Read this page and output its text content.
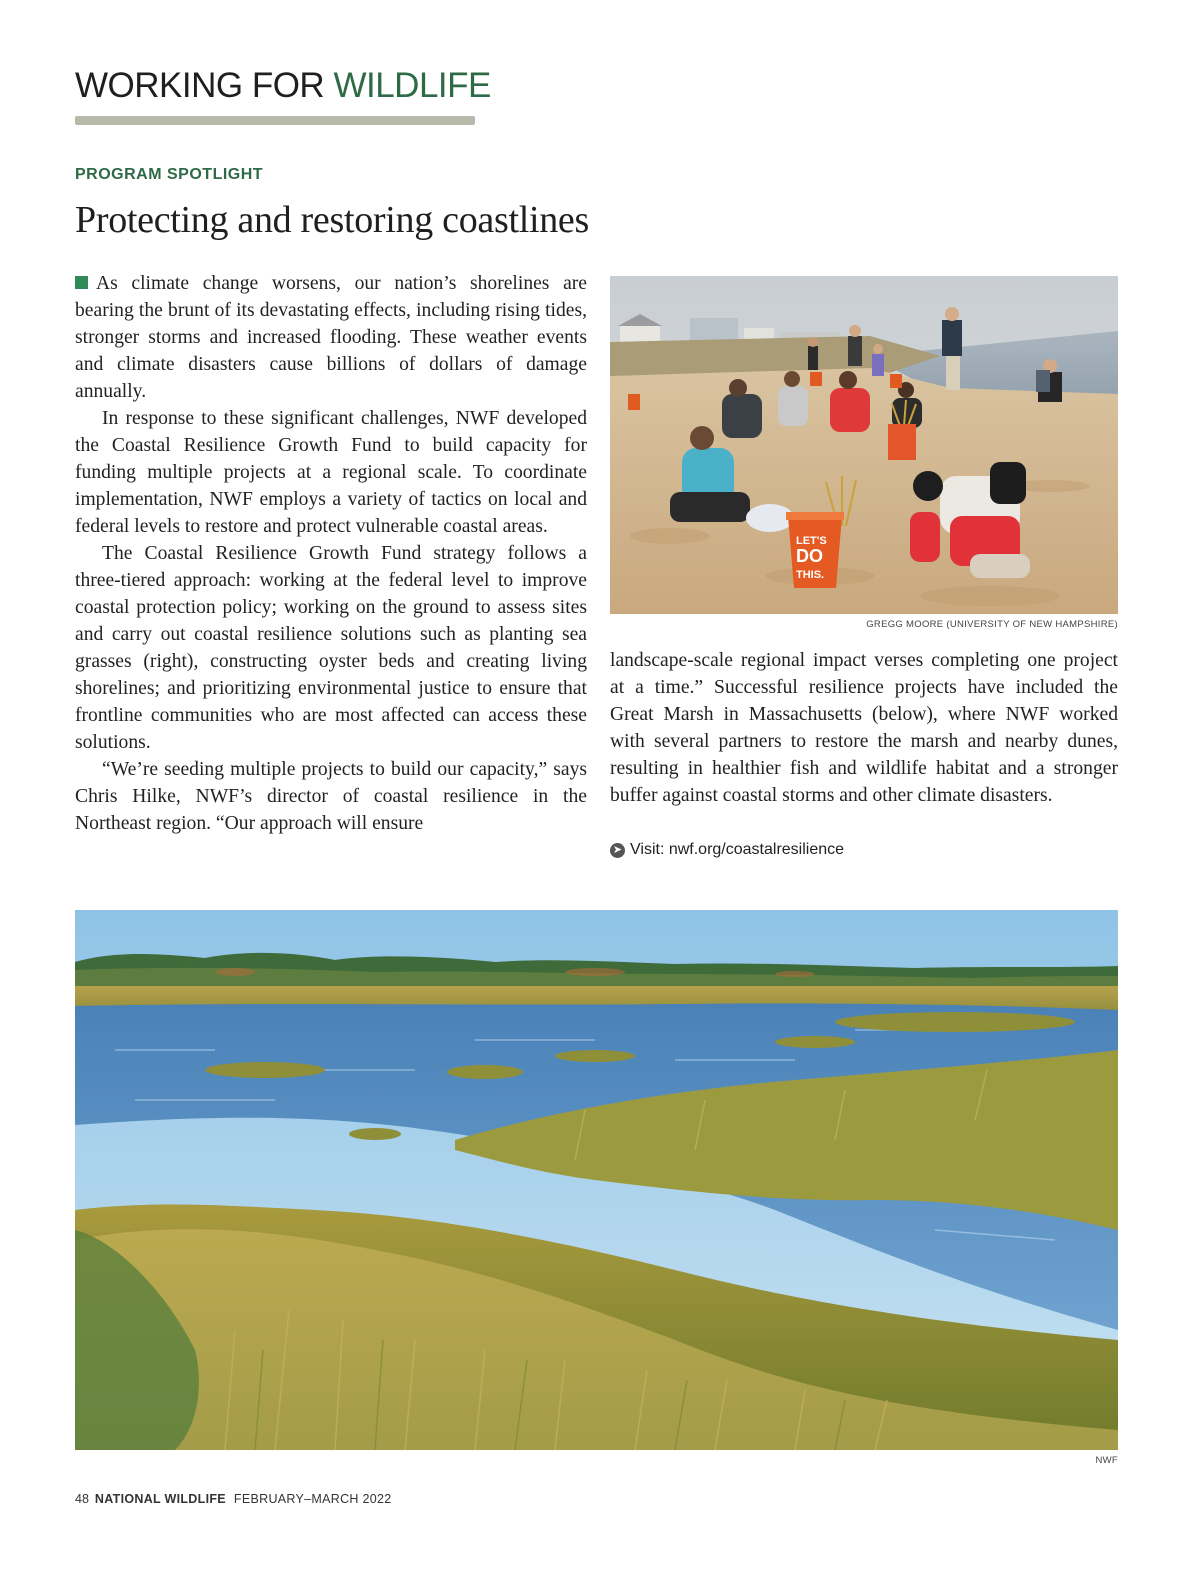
WORKING FOR WILDLIFE
PROGRAM SPOTLIGHT
Protecting and restoring coastlines

As climate change worsens, our nation’s shorelines are bearing the brunt of its devastating effects, including rising tides, stronger storms and increased flooding. These weather events and climate disasters cause billions of dollars of damage annually.

In response to these significant challenges, NWF developed the Coastal Resilience Growth Fund to build capacity for funding multiple projects at a regional scale. To coordinate implementation, NWF employs a variety of tactics on local and federal levels to restore and protect vulnerable coastal areas.

The Coastal Resilience Growth Fund strategy follows a three-tiered approach: working at the federal level to improve coastal protection policy; working on the ground to assess sites and carry out coastal resilience solutions such as planting sea grasses (right), constructing oyster beds and creating living shorelines; and prioritizing environmental justice to ensure that frontline communities who are most affected can access these solutions.

“We’re seeding multiple projects to build our capacity,” says Chris Hilke, NWF’s director of coastal resilience in the Northeast region. “Our approach will ensure

LET'S
DO
THIS.
GREGG MOORE (UNIVERSITY OF NEW HAMPSHIRE)

landscape-scale regional impact verses completing one project at a time.” Successful resilience projects have included the Great Marsh in Massachusetts (below), where NWF worked with several partners to restore the marsh and nearby dunes, resulting in healthier fish and wildlife habitat and a stronger buffer against coastal storms and other climate disasters.

➤ Visit: nwf.org/coastalresilience
NWF
48 NATIONAL WILDLIFE FEBRUARY–MARCH 2022
